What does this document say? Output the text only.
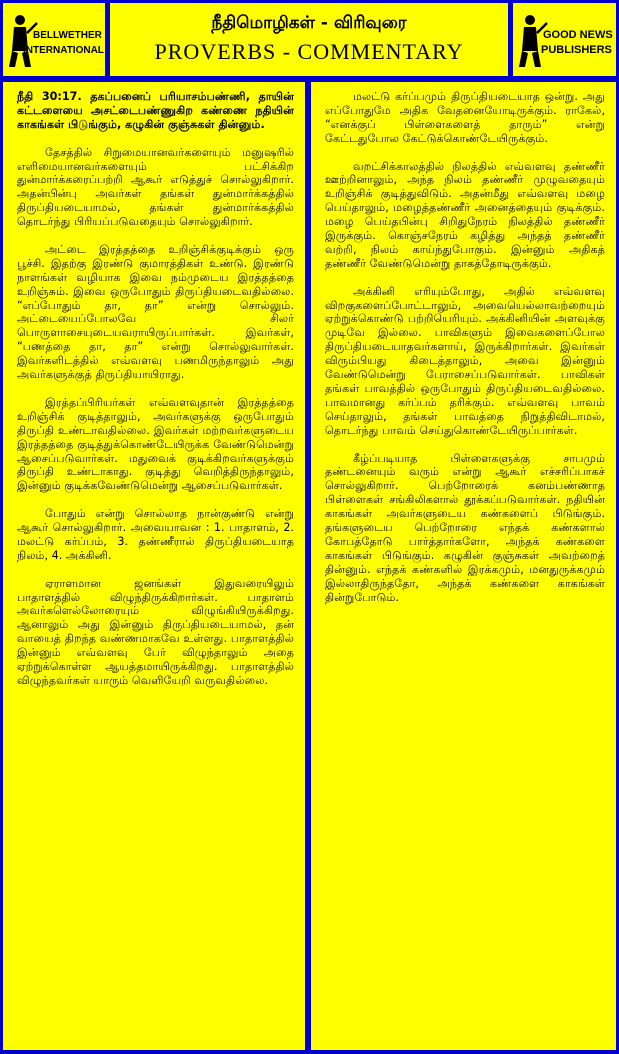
BELLWETHER
INTERNATIONAL
நீதிமொழிகள் - விரிவுரை
PROVERBS - COMMENTARY
GOOD NEWS
PUBLISHERS

நீதி 30:17. தகப்பனைப் பரியாசம்பண்ணி, தாயின் கட்டளையை அசட்டைபண்ணுகிற கண்ணை நதியின் காகங்கள் பிடுங்கும், கழுகின் குஞ்சுகள் தின்னும்.

தேசத்தில் சிறுமையானவர்களையும் மனுஷரில் எளிமையானவர்களையும் பட்சிக்கிற துன்மார்க்கரைப்பற்றி ஆகூர் எடுத்துச் சொல்லுகிறார். அதன்பின்பு அவர்கள் தங்கள் துன்மார்க்கத்தில் திருப்தியடையாமல், தங்கள் துன்மார்க்கத்தில் தொடர்ந்து பிரியப்படுவதையும் சொல்லுகிறார்.

அட்டை இரத்தத்தை உறிஞ்சிக்குடிக்கும் ஒரு பூச்சி. இதற்கு இரண்டு குமாரத்திகள் உண்டு. இரண்டு நாளங்கள் வழியாக இவை நம்முடைய இரத்தத்தை உறிஞ்சும். இவை ஒருபோதும் திருப்தியடைவதில்லை. “எப்போதும் தா, தா” என்று சொல்லும். அட்டையைப்போலவே சிலர் பொருளாசையுடையவராயிருப்பார்கள். இவர்கள், “பணத்தை தா, தா” என்று சொல்லுவார்கள். இவர்களிடத்தில் எவ்வளவு பணமிருந்தாலும் அது அவர்களுக்குத் திருப்தியாயிராது.

இரத்தப்பிரியர்கள் எவ்வளவுதான் இரத்தத்தை உறிஞ்சிக் குடித்தாலும், அவர்களுக்கு ஒருபோதும் திருப்தி உண்டாவதில்லை. இவர்கள் மற்றவர்களுடைய இரத்தத்தை குடித்துக்கொண்டேயிருக்க வேண்டுமென்று ஆசைப்படுவார்கள். மதுவைக் குடிக்கிறவர்களுக்கும் திருப்தி உண்டாகாது. குடித்து வெறித்திருந்தாலும், இன்னும் குடிக்கவேண்டுமென்று ஆசைப்படுவார்கள்.

போதும் என்று சொல்லாத நான்குண்டு என்று ஆகூர் சொல்லுகிறார். அவையாவன : 1. பாதாளம், 2. மலட்டு கர்ப்பம், 3. தண்ணீரால் திருப்தியடையாத நிலம், 4. அக்கினி.

ஏராளமான ஜனங்கள் இதுவரையிலும் பாதாளத்தில் விழுந்திருக்கிறார்கள். பாதாளம் அவர்களெல்லோரையும் விழுங்கியிருக்கிறது. ஆனாலும் அது இன்னும் திருப்தியடையாமல், தன் வாயைத் திறந்த வண்ணமாகவே உள்ளது. பாதாளத்தில் இன்னும் எவ்வளவு பேர் விழுந்தாலும் அதை ஏற்றுக்கொள்ள ஆயத்தமாயிருக்கிறது. பாதாளத்தில் விழுந்தவர்கள் யாரும் வெளியேறி வருவதில்லை.

மலட்டு கர்ப்பமும் திருப்தியடையாத ஒன்று. அது எப்போதுமே அதிக வேதனையோடிருக்கும். ராகேல், “எனக்குப் பிள்ளைகளைத் தாரும்” என்று கேட்டதுபோல கேட்டுக்கொண்டேயிருக்கும்.

வறட்சிக்காலத்தில் நிலத்தில் எவ்வளவு தண்ணீர் ஊற்றினாலும், அந்த நிலம் தண்ணீர் முழுவதையும் உறிஞ்சிக் குடித்துவிடும். அதன்மீது எவ்வளவு மழை பெய்தாலும், மழைத்தண்ணீர் அனைத்தையும் குடிக்கும். மழை பெய்தபின்பு சிறிதுநேரம் நிலத்தில் தண்ணீர் இருக்கும். கொஞ்சநேரம் கழித்து அந்தத் தண்ணீர் வற்றி, நிலம் காய்ந்துபோகும். இன்னும் அதிகத் தண்ணீர் வேண்டுமென்று தாகத்தோடிருக்கும்.

அக்கினி எரியும்போது, அதில் எவ்வளவு விறகுகளைப்போட்டாலும், அவையெல்லாவற்றையும் ஏற்றுக்கொண்டு பற்றியெரியும். அக்கினியின் அளவுக்கு முடிவே இல்லை. பாவிகளும் இவைகளைப்போல திருப்தியடையாதவர்களாய், இருக்கிறார்கள். இவர்கள் விரும்பியது கிடைத்தாலும், அவை இன்னும் வேண்டுமென்று பேராசைப்படுவார்கள். பாவிகள் தங்கள் பாவத்தில் ஒருபோதும் திருப்தியடைவதில்லை. பாவமானது கர்ப்பம் தரிக்கும். எவ்வளவு பாவம் செய்தாலும், தங்கள் பாவத்தை நிறுத்திவிடாமல், தொடர்ந்து பாவம் செய்துகொண்டேயிருப்பார்கள்.

கீழ்ப்படியாத பிள்ளைகளுக்கு சாபமும் தண்டனையும் வரும் என்று ஆகூர் எச்சரிப்பாகச் சொல்லுகிறார். பெற்றோரைக் கனம்பண்ணாத பிள்ளைகள் சங்கிலிகளால் தூக்கப்படுவார்கள். நதியின் காகங்கள் அவர்களுடைய கண்களைப் பிடுங்கும். தங்களுடைய பெற்றோரை எந்தக் கண்களால் கோபத்தோடு பார்த்தார்களோ, அந்தக் கண்களை காகங்கள் பிடுங்கும். கழுகின் குஞ்சுகள் அவற்றைத் தின்னும். எந்தக் கண்களில் இரக்கமும், மனதுருக்கமும் இல்லாதிருந்ததோ, அந்தக் கண்களை காகங்கள் தின்றுபோடும்.
